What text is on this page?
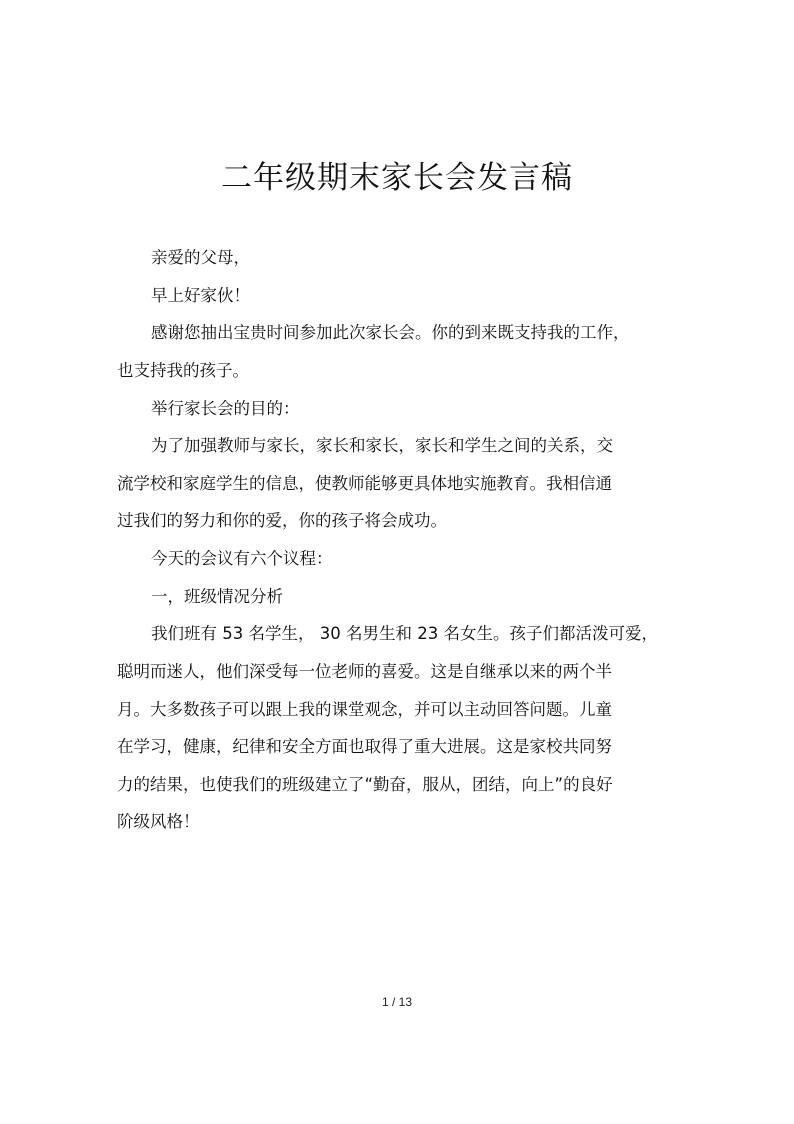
二年级期末家长会发言稿
亲爱的父母，
早上好家伙！
感谢您抽出宝贵时间参加此次家长会。你的到来既支持我的工作，
也支持我的孩子。
举行家长会的目的：
为了加强教师与家长，家长和家长，家长和学生之间的关系，交
流学校和家庭学生的信息，使教师能够更具体地实施教育。我相信通
过我们的努力和你的爱，你的孩子将会成功。
今天的会议有六个议程：
一，班级情况分析
我们班有 53 名学生， 30 名男生和 23 名女生。孩子们都活泼可爱，
聪明而迷人，他们深受每一位老师的喜爱。这是自继承以来的两个半
月。大多数孩子可以跟上我的课堂观念，并可以主动回答问题。儿童
在学习，健康，纪律和安全方面也取得了重大进展。这是家校共同努
力的结果，也使我们的班级建立了“勤奋，服从，团结，向上”的良好
阶级风格！
1 / 13
